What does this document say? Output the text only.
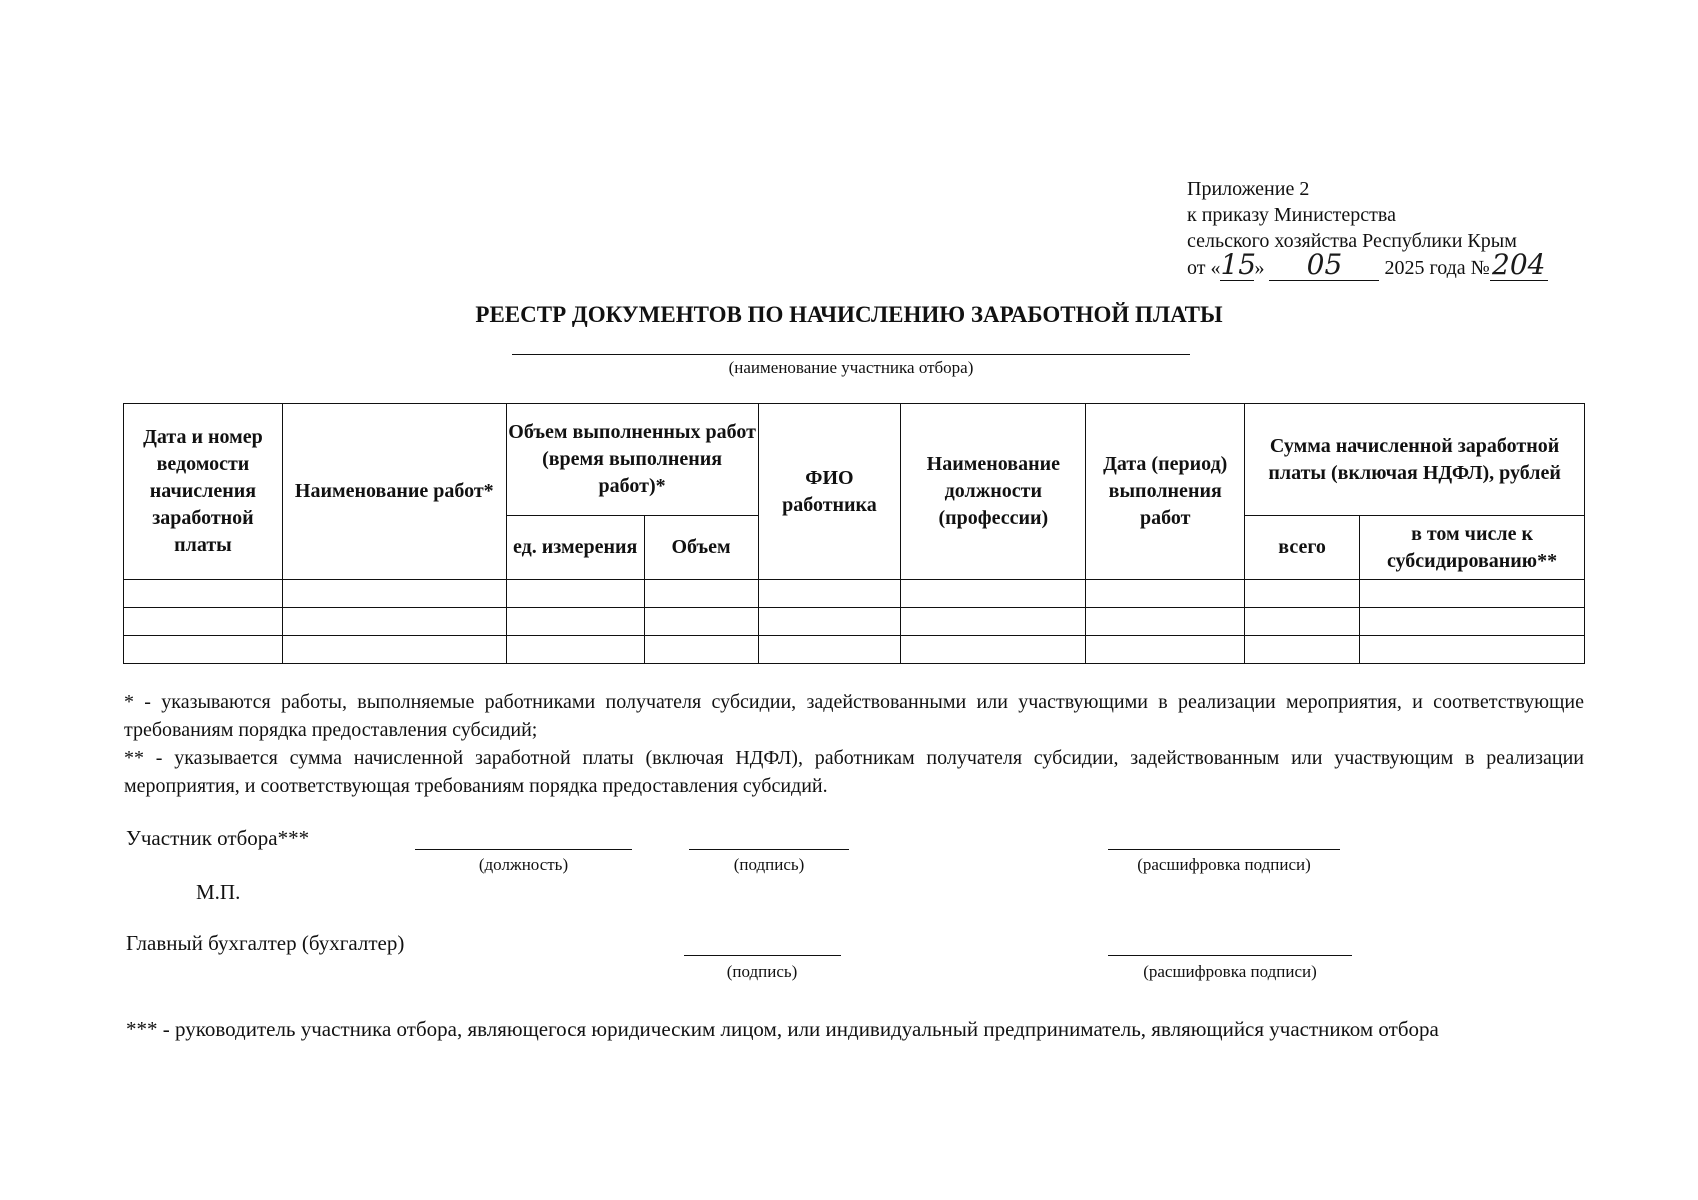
Приложение 2
к приказу Министерства
сельского хозяйства Республики Крым
от «15» 05 2025 года №204
РЕЕСТР ДОКУМЕНТОВ ПО НАЧИСЛЕНИЮ ЗАРАБОТНОЙ ПЛАТЫ
(наименование участника отбора)
Дата и номер ведомости начисления заработной платы	Наименование работ*	Объем выполненных работ (время выполнения работ)*		ФИО работника	Наименование должности (профессии)	Дата (период) выполнения работ	Сумма начисленной заработной платы (включая НДФЛ), рублей	
		ед. измерения	Объем				всего	в том числе к субсидированию**

* - указываются работы, выполняемые работниками получателя субсидии, задействованными или участвующими в реализации мероприятия, и соответствующие требованиям порядка предоставления субсидий;

** - указывается сумма начисленной заработной платы (включая НДФЛ), работникам получателя субсидии, задействованным или участвующим в реализации мероприятия, и соответствующая требованиям порядка предоставления субсидий.

Участник отбора***
(должность)	(подпись)	(расшифровка подписи)
М.П.
Главный бухгалтер (бухгалтер)
(подпись)	(расшифровка подписи)
*** - руководитель участника отбора, являющегося юридическим лицом, или индивидуальный предприниматель, являющийся участником отбора
